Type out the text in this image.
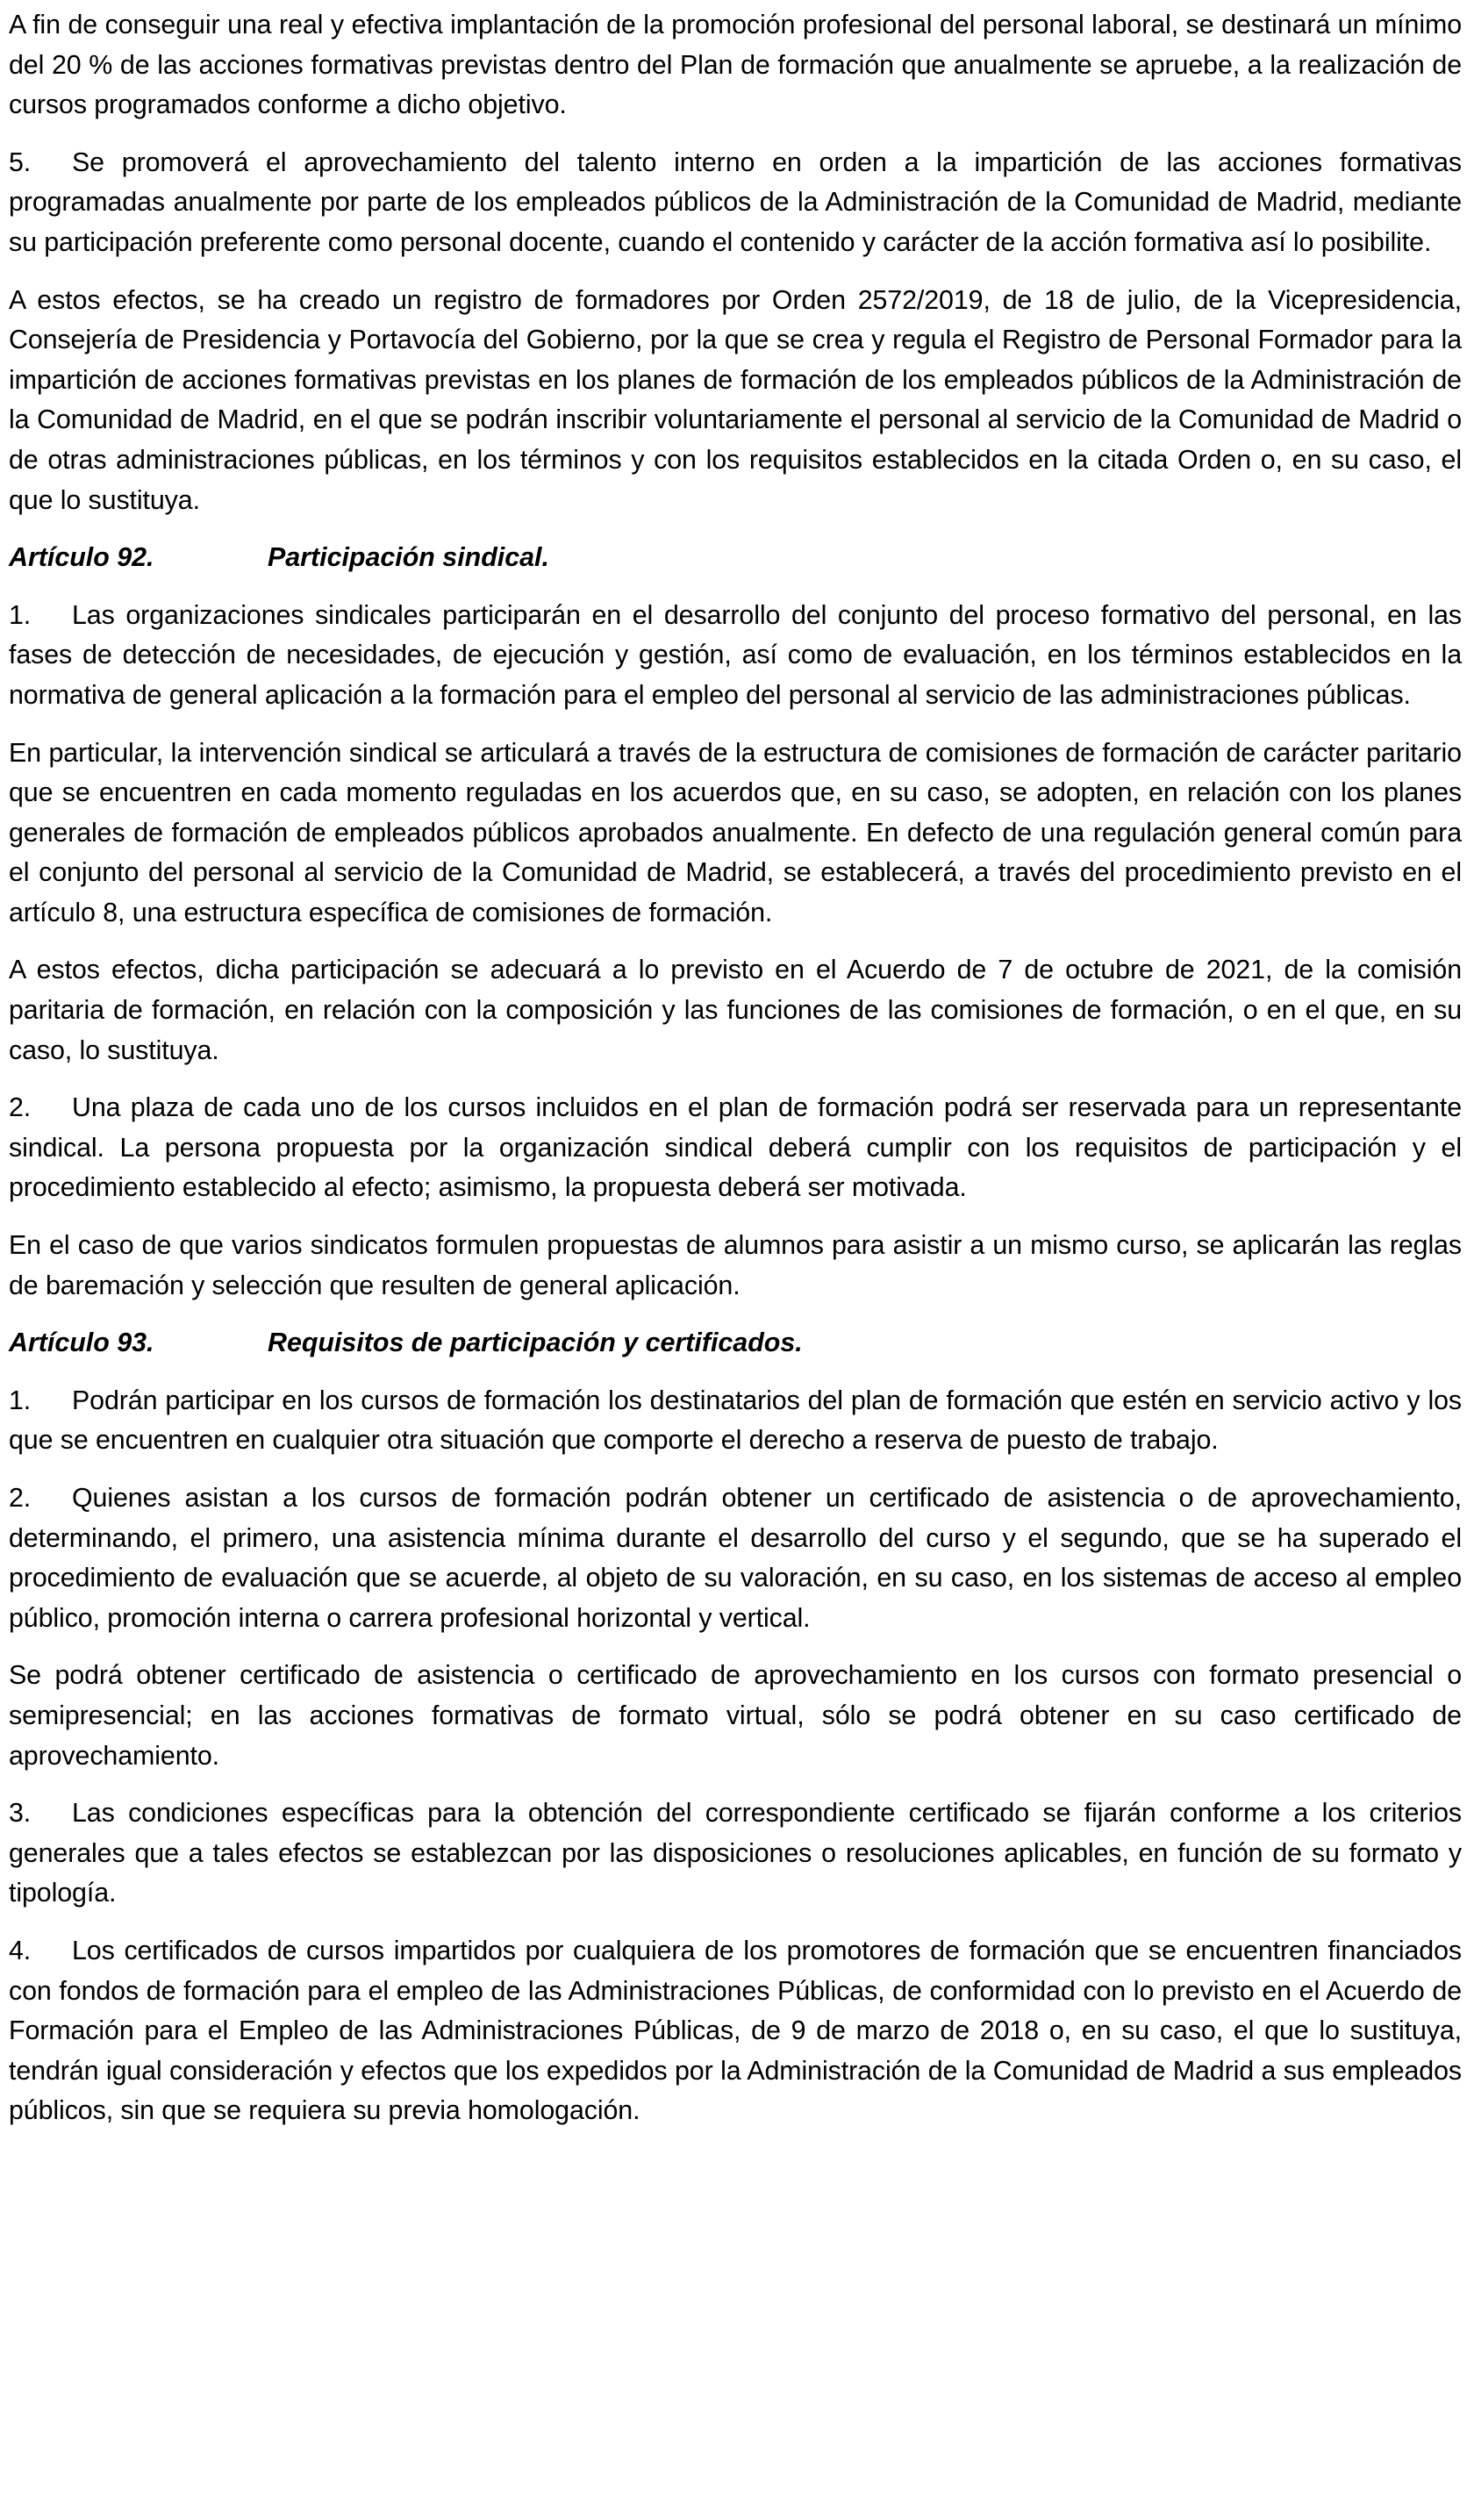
A fin de conseguir una real y efectiva implantación de la promoción profesional del personal laboral, se destinará un mínimo del 20 % de las acciones formativas previstas dentro del Plan de formación que anualmente se apruebe, a la realización de cursos programados conforme a dicho objetivo.

5. Se promoverá el aprovechamiento del talento interno en orden a la impartición de las acciones formativas programadas anualmente por parte de los empleados públicos de la Administración de la Comunidad de Madrid, mediante su participación preferente como personal docente, cuando el contenido y carácter de la acción formativa así lo posibilite.

A estos efectos, se ha creado un registro de formadores por Orden 2572/2019, de 18 de julio, de la Vicepresidencia, Consejería de Presidencia y Portavocía del Gobierno, por la que se crea y regula el Registro de Personal Formador para la impartición de acciones formativas previstas en los planes de formación de los empleados públicos de la Administración de la Comunidad de Madrid, en el que se podrán inscribir voluntariamente el personal al servicio de la Comunidad de Madrid o de otras administraciones públicas, en los términos y con los requisitos establecidos en la citada Orden o, en su caso, el que lo sustituya.

Artículo 92.	Participación sindical.

1. Las organizaciones sindicales participarán en el desarrollo del conjunto del proceso formativo del personal, en las fases de detección de necesidades, de ejecución y gestión, así como de evaluación, en los términos establecidos en la normativa de general aplicación a la formación para el empleo del personal al servicio de las administraciones públicas.

En particular, la intervención sindical se articulará a través de la estructura de comisiones de formación de carácter paritario que se encuentren en cada momento reguladas en los acuerdos que, en su caso, se adopten, en relación con los planes generales de formación de empleados públicos aprobados anualmente. En defecto de una regulación general común para el conjunto del personal al servicio de la Comunidad de Madrid, se establecerá, a través del procedimiento previsto en el artículo 8, una estructura específica de comisiones de formación.

A estos efectos, dicha participación se adecuará a lo previsto en el Acuerdo de 7 de octubre de 2021, de la comisión paritaria de formación, en relación con la composición y las funciones de las comisiones de formación, o en el que, en su caso, lo sustituya.

2. Una plaza de cada uno de los cursos incluidos en el plan de formación podrá ser reservada para un representante sindical. La persona propuesta por la organización sindical deberá cumplir con los requisitos de participación y el procedimiento establecido al efecto; asimismo, la propuesta deberá ser motivada.

En el caso de que varios sindicatos formulen propuestas de alumnos para asistir a un mismo curso, se aplicarán las reglas de baremación y selección que resulten de general aplicación.

Artículo 93.	Requisitos de participación y certificados.

1. Podrán participar en los cursos de formación los destinatarios del plan de formación que estén en servicio activo y los que se encuentren en cualquier otra situación que comporte el derecho a reserva de puesto de trabajo.

2. Quienes asistan a los cursos de formación podrán obtener un certificado de asistencia o de aprovechamiento, determinando, el primero, una asistencia mínima durante el desarrollo del curso y el segundo, que se ha superado el procedimiento de evaluación que se acuerde, al objeto de su valoración, en su caso, en los sistemas de acceso al empleo público, promoción interna o carrera profesional horizontal y vertical.

Se podrá obtener certificado de asistencia o certificado de aprovechamiento en los cursos con formato presencial o semipresencial; en las acciones formativas de formato virtual, sólo se podrá obtener en su caso certificado de aprovechamiento.

3. Las condiciones específicas para la obtención del correspondiente certificado se fijarán conforme a los criterios generales que a tales efectos se establezcan por las disposiciones o resoluciones aplicables, en función de su formato y tipología.

4. Los certificados de cursos impartidos por cualquiera de los promotores de formación que se encuentren financiados con fondos de formación para el empleo de las Administraciones Públicas, de conformidad con lo previsto en el Acuerdo de Formación para el Empleo de las Administraciones Públicas, de 9 de marzo de 2018 o, en su caso, el que lo sustituya, tendrán igual consideración y efectos que los expedidos por la Administración de la Comunidad de Madrid a sus empleados públicos, sin que se requiera su previa homologación.
